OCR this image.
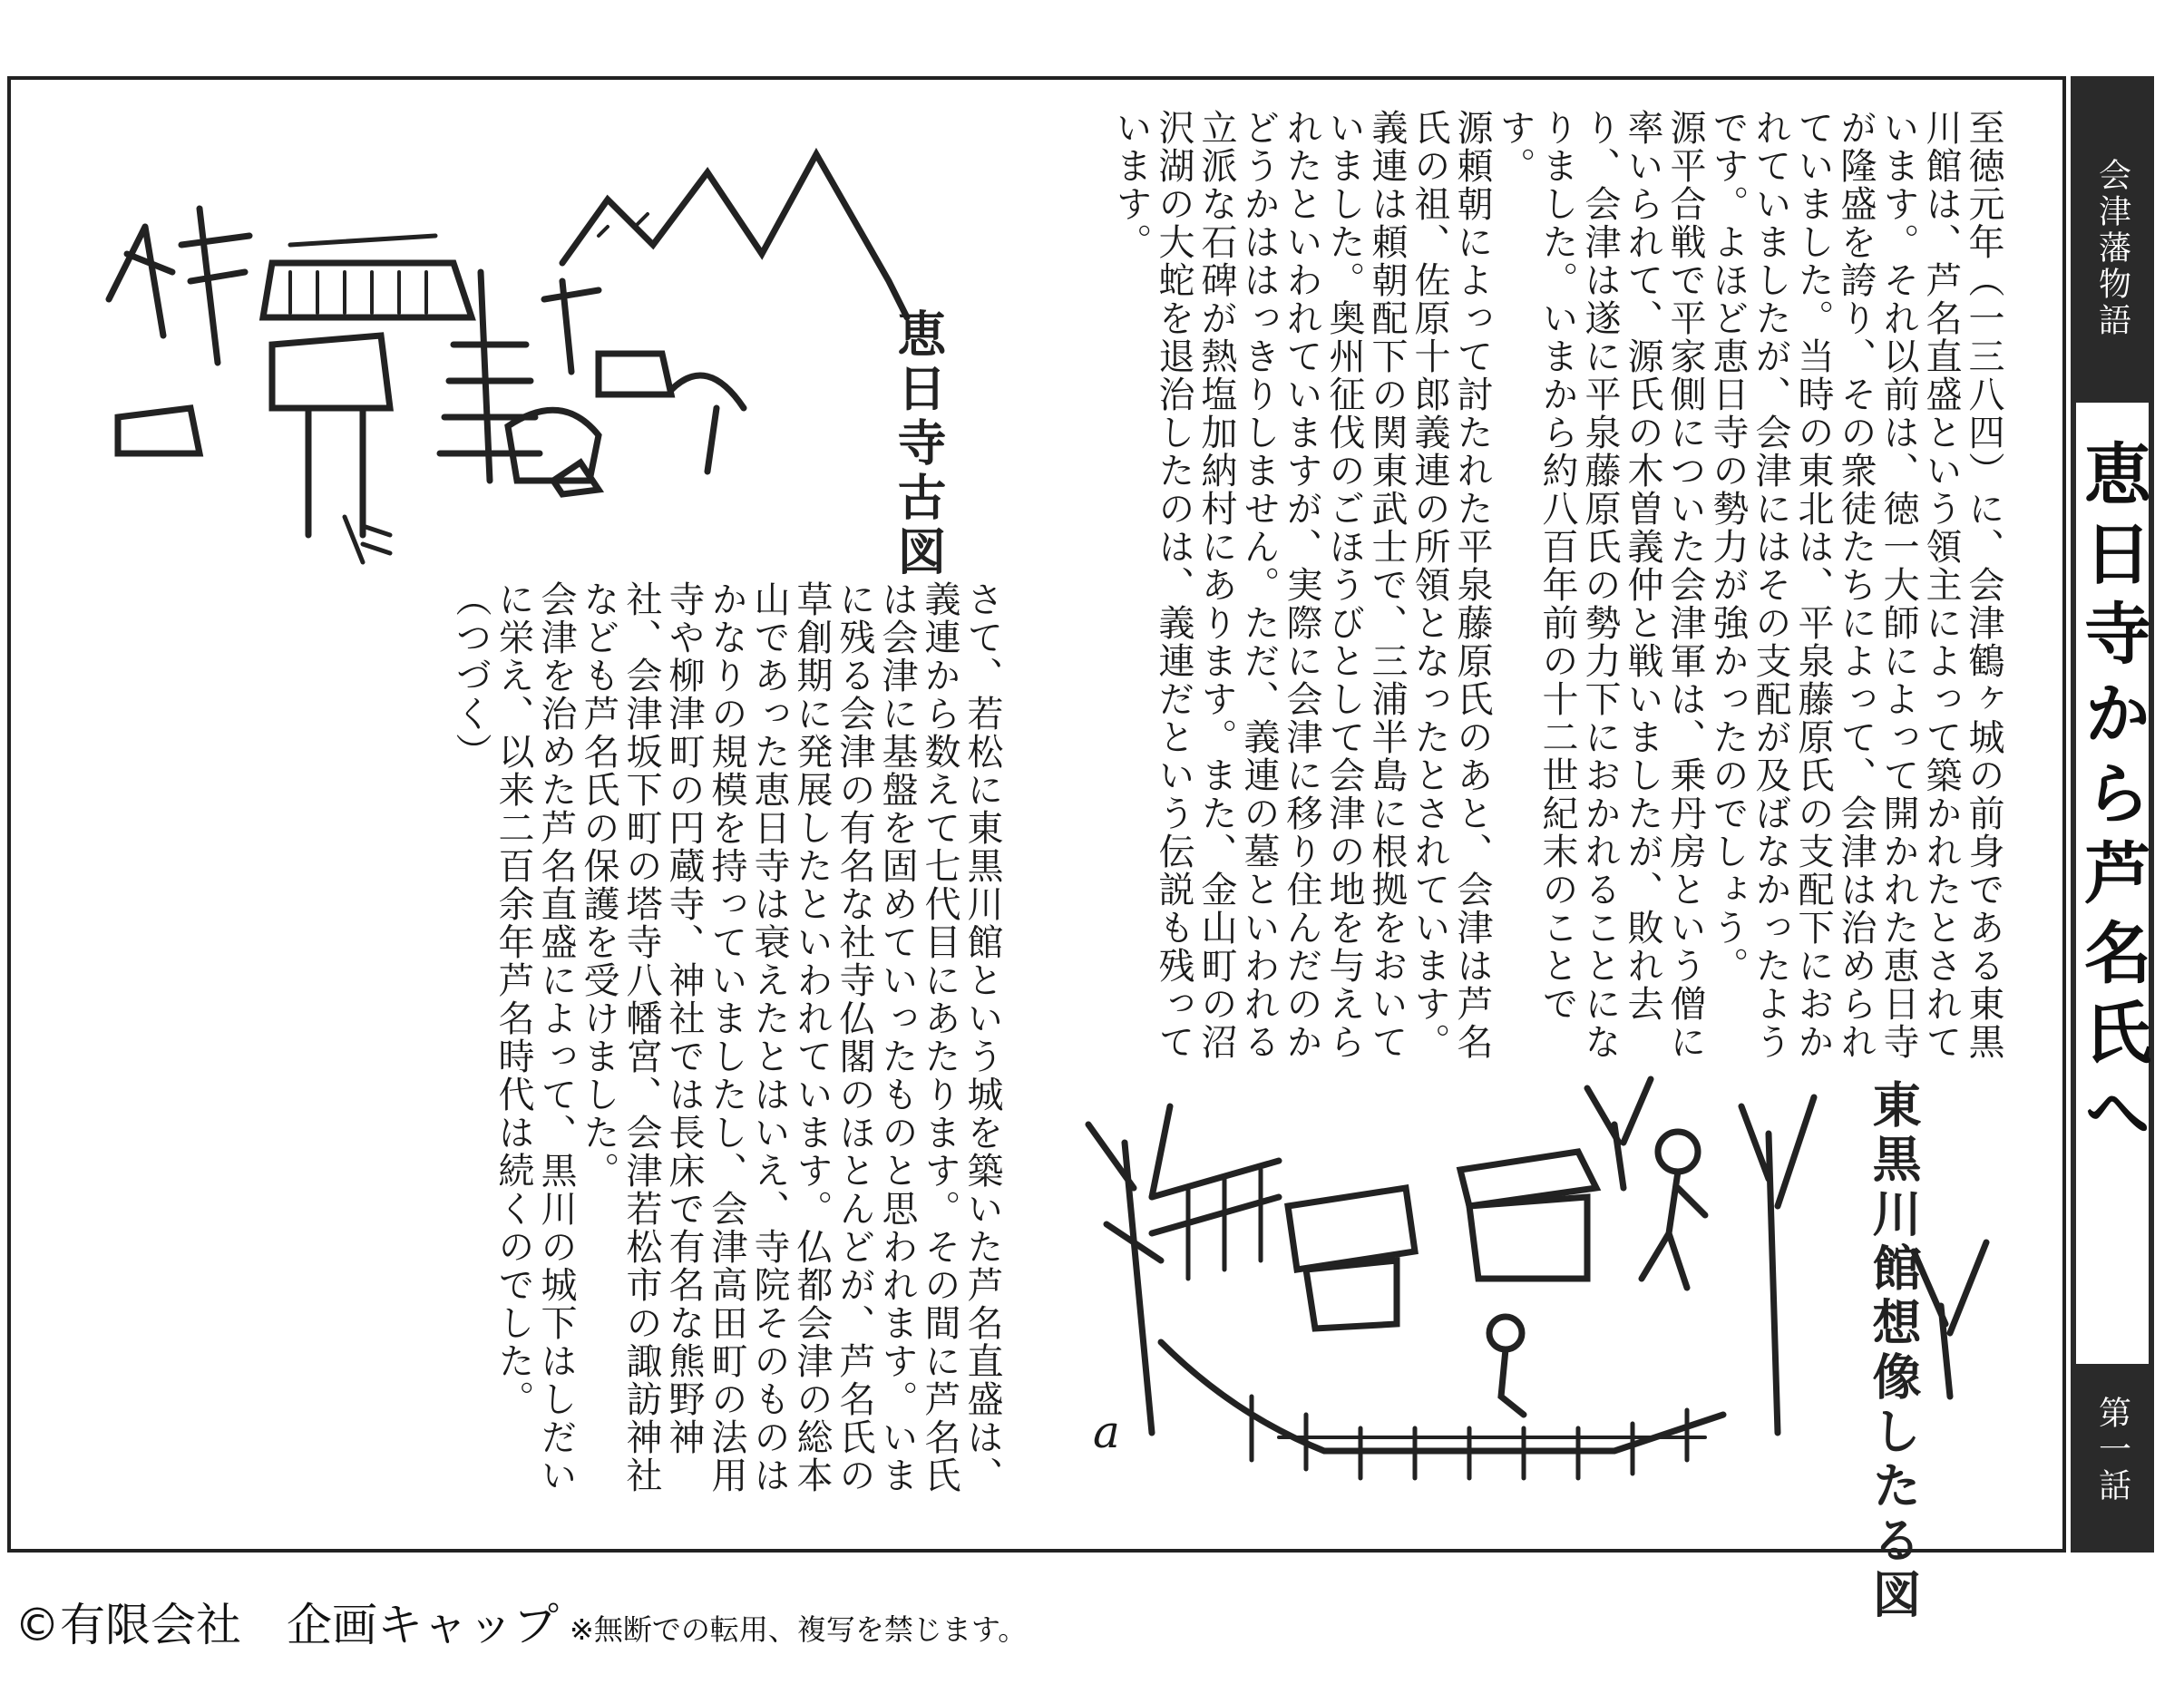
会津藩物語
恵日寺から芦名氏へ
第一話
恵日寺古図
東黒川館想像したる図
a

至徳元年（一三八四）に、会津鶴ヶ城の前身である東黒川館は、芦名直盛という領主によって築かれたとされています。それ以前は、徳一大師によって開かれた恵日寺が隆盛を誇り、その衆徒たちによって、会津は治められていました。当時の東北は、平泉藤原氏の支配下におかれていましたが、会津にはその支配が及ばなかったようです。よほど恵日寺の勢力が強かったのでしょう。

源平合戦で平家側についた会津軍は、乗丹房という僧に率いられて、源氏の木曽義仲と戦いましたが、敗れ去り、会津は遂に平泉藤原氏の勢力下におかれることになりました。いまから約八百年前の十二世紀末のことです。

源頼朝によって討たれた平泉藤原氏のあと、会津は芦名氏の祖、佐原十郎義連の所領となったとされています。義連は頼朝配下の関東武士で、三浦半島に根拠をおいていました。奥州征伐のごほうびとして会津の地を与えられたといわれていますが、実際に会津に移り住んだのかどうかははっきりしません。ただ、義連の墓といわれる立派な石碑が熱塩加納村にあります。また、金山町の沼沢湖の大蛇を退治したのは、義連だという伝説も残っています。

さて、若松に東黒川館という城を築いた芦名直盛は、義連から数えて七代目にあたります。その間に芦名氏は会津に基盤を固めていったものと思われます。いまに残る会津の有名な社寺仏閣のほとんどが、芦名氏の草創期に発展したといわれています。仏都会津の総本山であった恵日寺は衰えたとはいえ、寺院そのものはかなりの規模を持っていましたし、会津高田町の法用寺や柳津町の円蔵寺、神社では長床で有名な熊野神社、会津坂下町の塔寺八幡宮、会津若松市の諏訪神社なども芦名氏の保護を受けました。

会津を治めた芦名直盛によって、黒川の城下はしだいに栄え、以来二百余年芦名時代は続くのでした。　　（つづく）

©有限会社　企画キャップ ※無断での転用、複写を禁じます。
